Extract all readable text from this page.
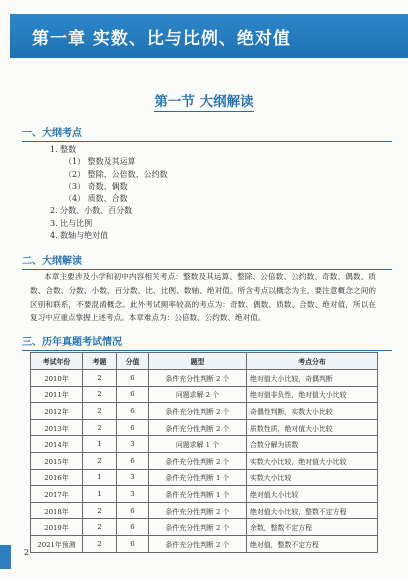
第一章 实数、比与比例、绝对值
第一节 大纲解读
一、大纲考点
1. 整数
（1） 整数及其运算
（2） 整除、公倍数、公约数
（3） 奇数、偶数
（4） 质数、合数
2. 分数、小数、百分数
3. 比与比例
4. 数轴与绝对值
二、大纲解读
本章主要涉及小学和初中内容相关考点：整数及其运算、整除、公倍数、公约数、奇数、偶数、质数、合数、分数、小数、百分数、比、比例、数轴、绝对值。所含考点以概念为主，要注意概念之间的区别和联系，不要混淆概念。此外考试频率较高的考点为：奇数、偶数、质数、合数、绝对值，所以在复习中应重点掌握上述考点。本章难点为：公倍数、公约数、绝对值。
三、历年真题考试情况
考试年份	考题	分值	题型	考点分布
2010年	2	6	条件充分性判断 2 个	绝对值大小比较，奇偶判断
2011年	2	6	问题求解 2 个	绝对值非负性，绝对值大小比较
2012年	2	6	条件充分性判断 2 个	奇偶性判断，实数大小比较
2013年	2	6	条件充分性判断 2 个	质数性质，绝对值大小比较
2014年	1	3	问题求解 1 个	合数分解为质数
2015年	2	6	条件充分性判断 2 个	实数大小比较，绝对值大小比较
2016年	1	3	条件充分性判断 1 个	实数大小比较
2017年	1	3	条件充分性判断 1 个	绝对值大小比较
2018年	2	6	条件充分性判断 2 个	绝对值大小比较，整数不定方程
2019年	2	6	条件充分性判断 2 个	余数，整数不定方程
2021年预测	2	6	条件充分性判断 2 个	绝对值，整数不定方程
2
